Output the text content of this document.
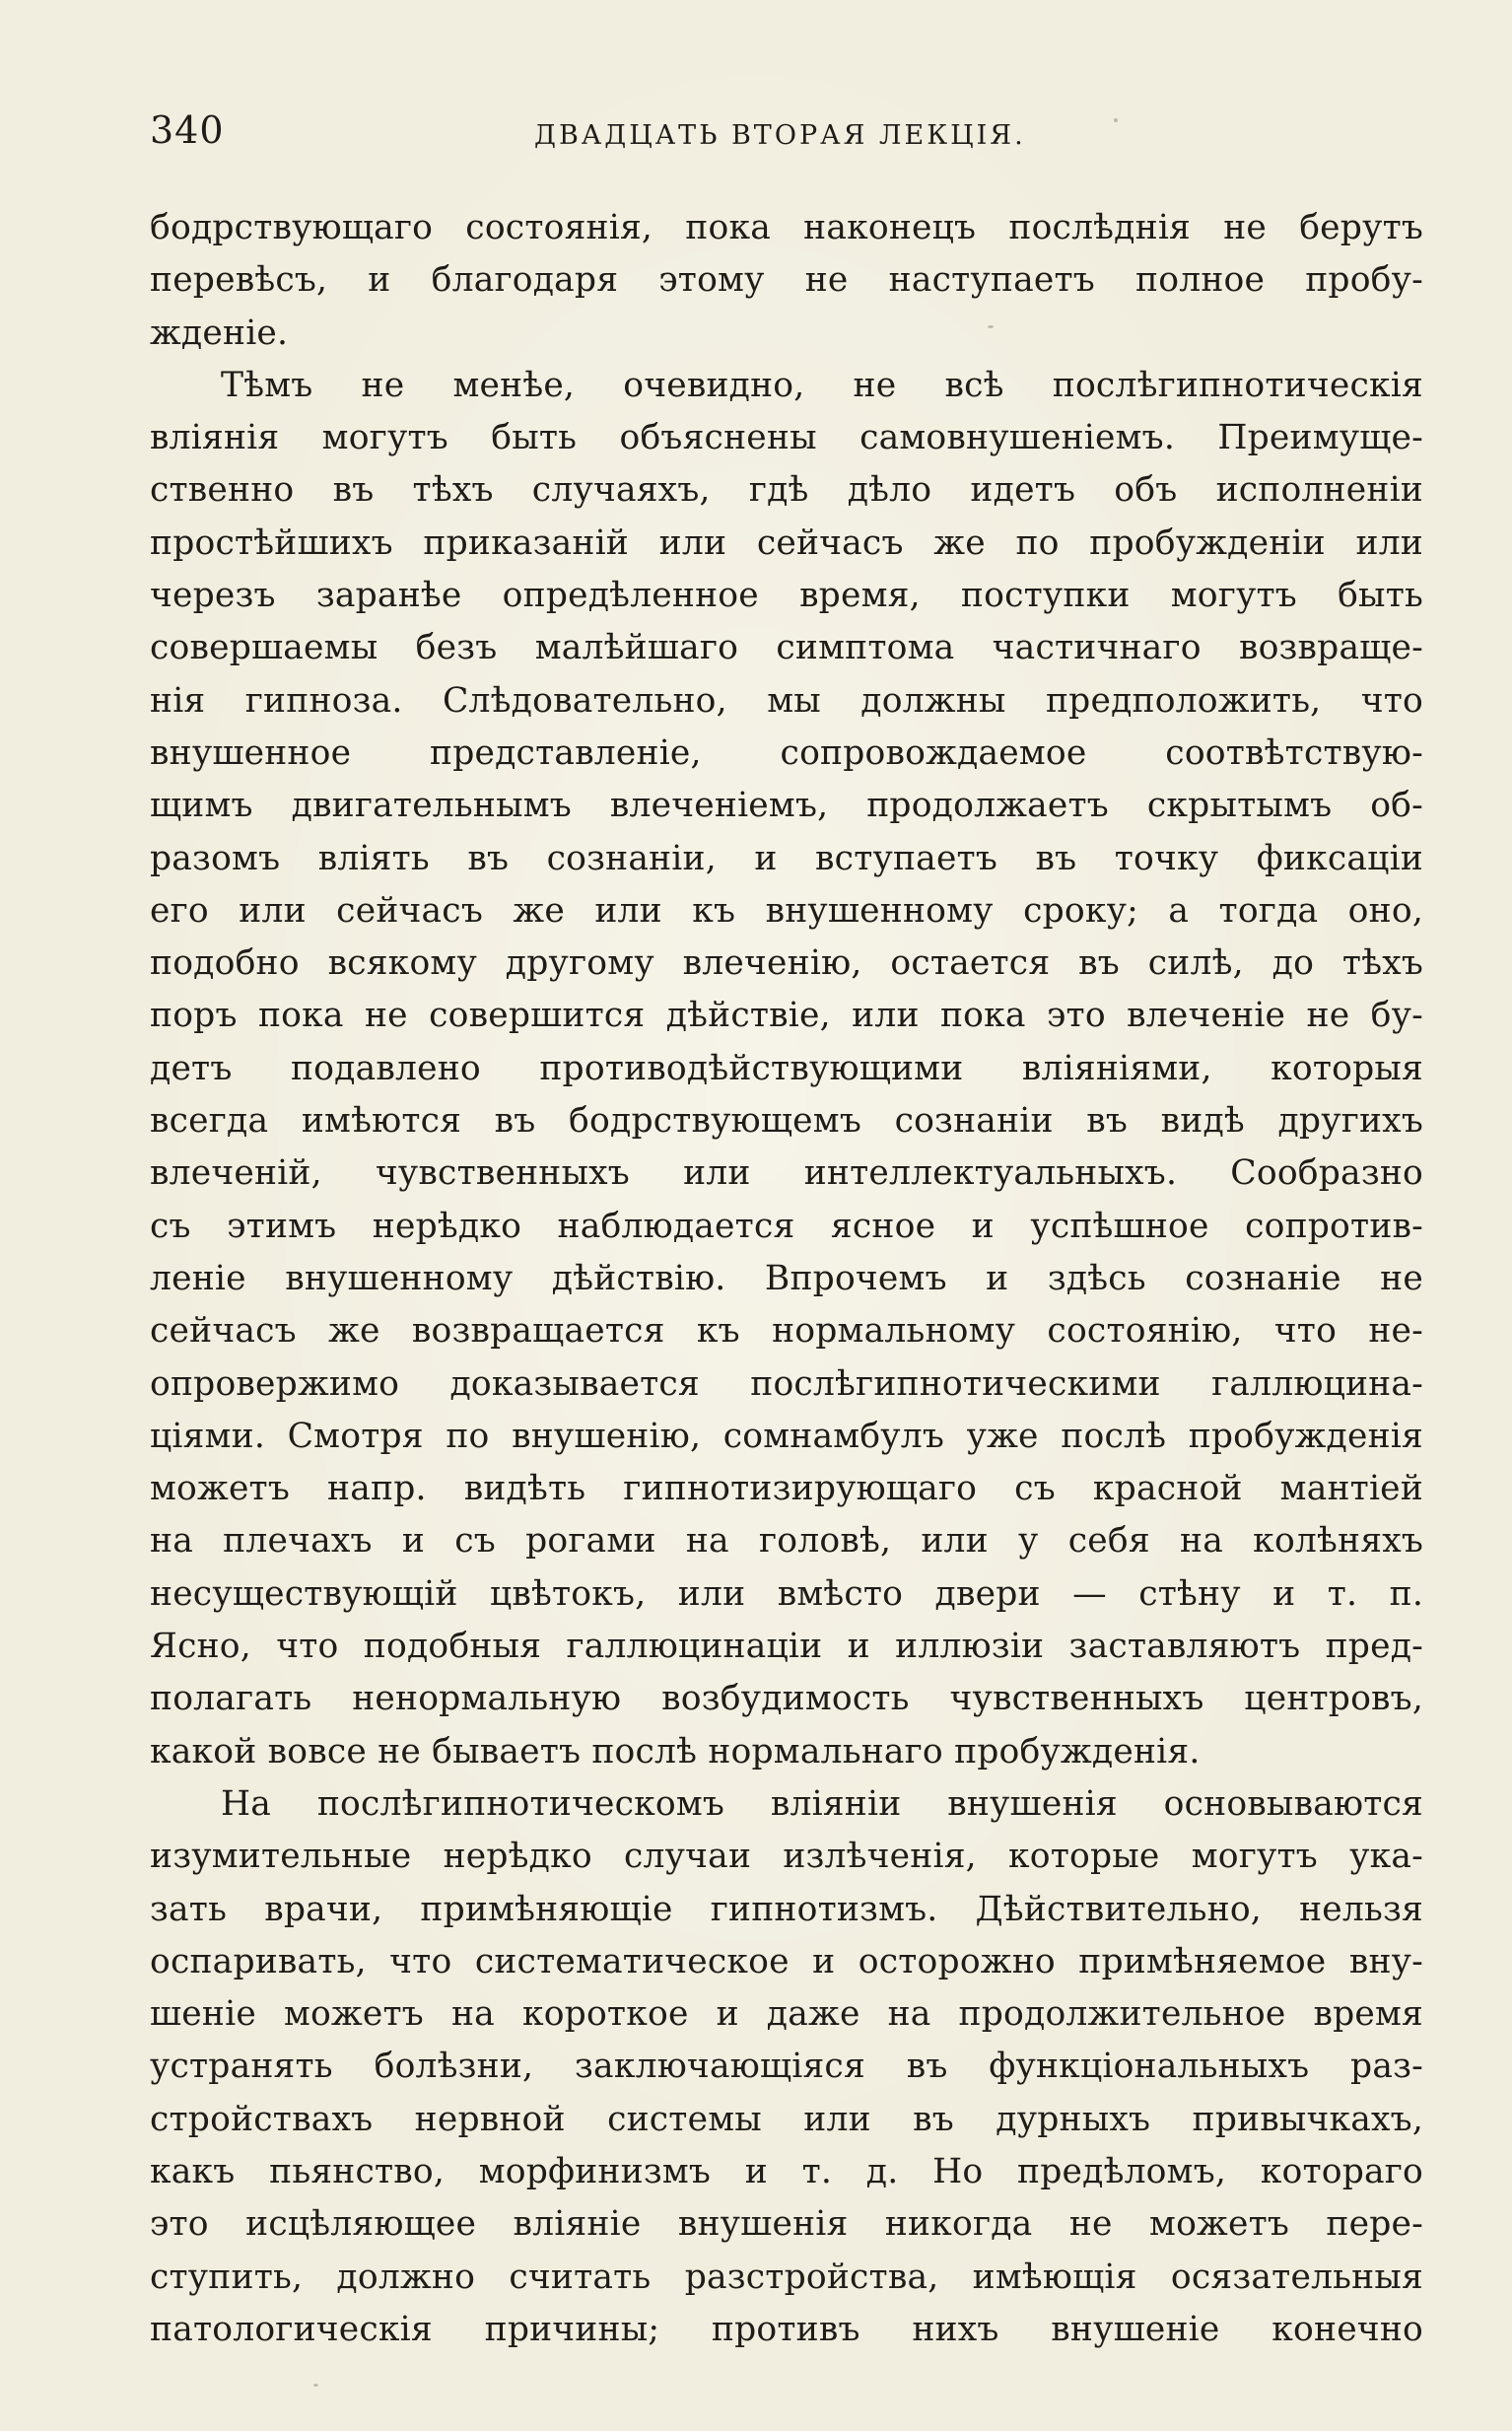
340	ДВАДЦАТЬ ВТОРАЯ ЛЕКЦІЯ.
бодрствующаго состоянія, пока наконецъ послѣднія не берутъ
перевѣсъ, и благодаря этому не наступаетъ полное пробу-
жденіе.
Тѣмъ не менѣе, очевидно, не всѣ послѣгипнотическія
вліянія могутъ быть объяснены самовнушеніемъ. Преимуще-
ственно въ тѣхъ случаяхъ, гдѣ дѣло идетъ объ исполненіи
простѣйшихъ приказаній или сейчасъ же по пробужденіи или
черезъ заранѣе опредѣленное время, поступки могутъ быть
совершаемы безъ малѣйшаго симптома частичнаго возвраще-
нія гипноза. Слѣдовательно, мы должны предположить, что
внушенное представленіе, сопровождаемое соотвѣтствую-
щимъ двигательнымъ влеченіемъ, продолжаетъ скрытымъ об-
разомъ вліять въ сознаніи, и вступаетъ въ точку фиксаціи
его или сейчасъ же или къ внушенному сроку; а тогда оно,
подобно всякому другому влеченію, остается въ силѣ, до тѣхъ
поръ пока не совершится дѣйствіе, или пока это влеченіе не бу-
детъ подавлено противодѣйствующими вліяніями, которыя
всегда имѣются въ бодрствующемъ сознаніи въ видѣ другихъ
влеченій, чувственныхъ или интеллектуальныхъ. Сообразно
съ этимъ нерѣдко наблюдается ясное и успѣшное сопротив-
леніе внушенному дѣйствію. Впрочемъ и здѣсь сознаніе не
сейчасъ же возвращается къ нормальному состоянію, что не-
опровержимо доказывается послѣгипнотическими галлюцина-
ціями. Смотря по внушенію, сомнамбулъ уже послѣ пробужденія
можетъ напр. видѣть гипнотизирующаго съ красной мантіей
на плечахъ и съ рогами на головѣ, или у себя на колѣняхъ
несуществующій цвѣтокъ, или вмѣсто двери — стѣну и т. п.
Ясно, что подобныя галлюцинаціи и иллюзіи заставляютъ пред-
полагать ненормальную возбудимость чувственныхъ центровъ,
какой вовсе не бываетъ послѣ нормальнаго пробужденія.
На послѣгипнотическомъ вліяніи внушенія основываются
изумительные нерѣдко случаи излѣченія, которые могутъ ука-
зать врачи, примѣняющіе гипнотизмъ. Дѣйствительно, нельзя
оспаривать, что систематическое и осторожно примѣняемое вну-
шеніе можетъ на короткое и даже на продолжительное время
устранять болѣзни, заключающіяся въ функціональныхъ раз-
стройствахъ нервной системы или въ дурныхъ привычкахъ,
какъ пьянство, морфинизмъ и т. д. Но предѣломъ, котораго
это исцѣляющее вліяніе внушенія никогда не можетъ пере-
ступить, должно считать разстройства, имѣющія осязательныя
патологическія причины; противъ нихъ внушеніе конечно
